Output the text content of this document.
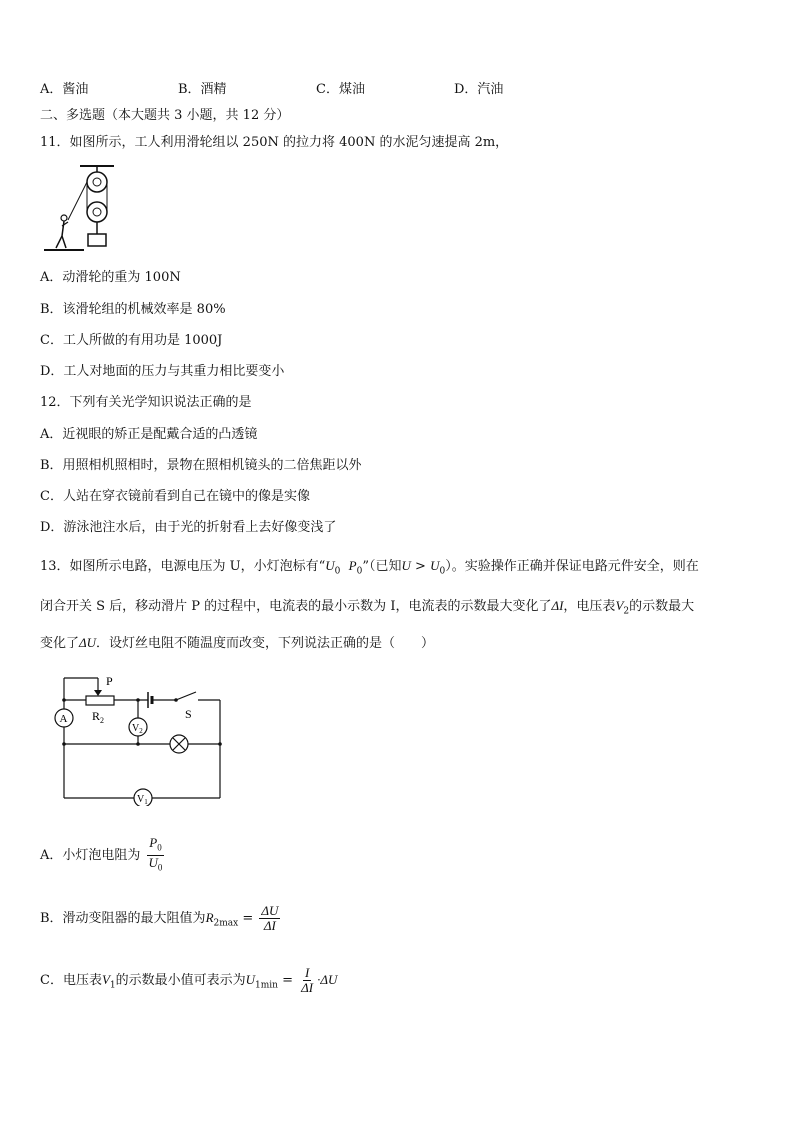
A．酱油	B．酒精	C．煤油	D．汽油
二、多选题（本大题共 3 小题，共 12 分）
11．如图所示，工人利用滑轮组以 250N 的拉力将 400N 的水泥匀速提高 2m，
A．动滑轮的重为 100N
B．该滑轮组的机械效率是 80%
C．工人所做的有用功是 1000J
D．工人对地面的压力与其重力相比要变小
12．下列有关光学知识说法正确的是
A．近视眼的矫正是配戴合适的凸透镜
B．用照相机照相时，景物在照相机镜头的二倍焦距以外
C．人站在穿衣镜前看到自己在镜中的像是实像
D．游泳池注水后，由于光的折射看上去好像变浅了
13．如图所示电路，电源电压为 U，小灯泡标有“$U_0$ $P_0$”（已知$U > U_0$）。实验操作正确并保证电路元件安全，则在
闭合开关 S 后，移动滑片 P 的过程中，电流表的最小示数为 I，电流表的示数最大变化了ΔI，电压表$V_2$的示数最大
变化了ΔU．设灯丝电阻不随温度而改变，下列说法正确的是（　　）
P
$R_2$	S
A
$V_2$
$V_1$
A．小灯泡电阻为 $\frac{P_0}{U_0}$
B．滑动变阻器的最大阻值为$R_{2max} = \frac{\Delta U}{\Delta I}$
C．电压表$V_1$的示数最小值可表示为$U_{1min} = \frac{I}{\Delta I} \cdot\Delta U$
